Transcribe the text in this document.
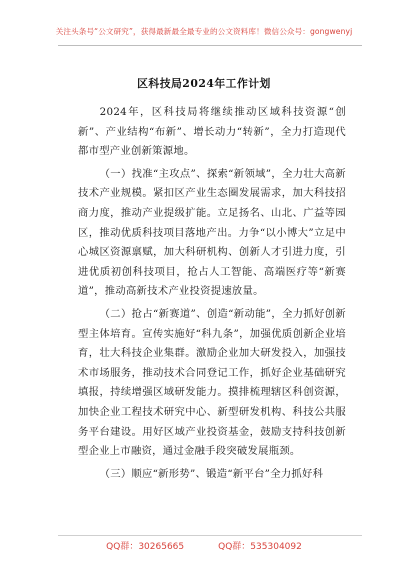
关注头条号“公文研究”，获得最新最全最专业的公文资料库！微信公众号：gongwenyj
区科技局2024年工作计划

2024年，区科技局将继续推动区域科技资源“创新”、产业结构“布新”、增长动力“转新”，全力打造现代都市型产业创新策源地。

（一）找准“主攻点”、探索“新领域”，全力壮大高新技术产业规模。紧扣区产业生态圈发展需求，加大科技招商力度，推动产业提级扩能。立足扬名、山北、广益等园区，推动优质科技项目落地产出。力争“以小博大”立足中心城区资源禀赋，加大科研机构、创新人才引进力度，引进优质初创科技项目，抢占人工智能、高端医疗等“新赛道”，推动高新技术产业投资提速放量。

（二）抢占“新赛道”、创造“新动能”，全力抓好创新型主体培育。宣传实施好“科九条”，加强优质创新企业培育，壮大科技企业集群。激励企业加大研发投入，加强技术市场服务，推动技术合同登记工作，抓好企业基础研究填报，持续增强区域研发能力。摸排梳理辖区科创资源，加快企业工程技术研究中心、新型研发机构、科技公共服务平台建设。用好区域产业投资基金，鼓励支持科技创新型企业上市融资，通过金融手段突破发展瓶颈。

（三）顺应“新形势”、锻造“新平台”全力抓好科

QQ群：30265665	QQ群：535304092
